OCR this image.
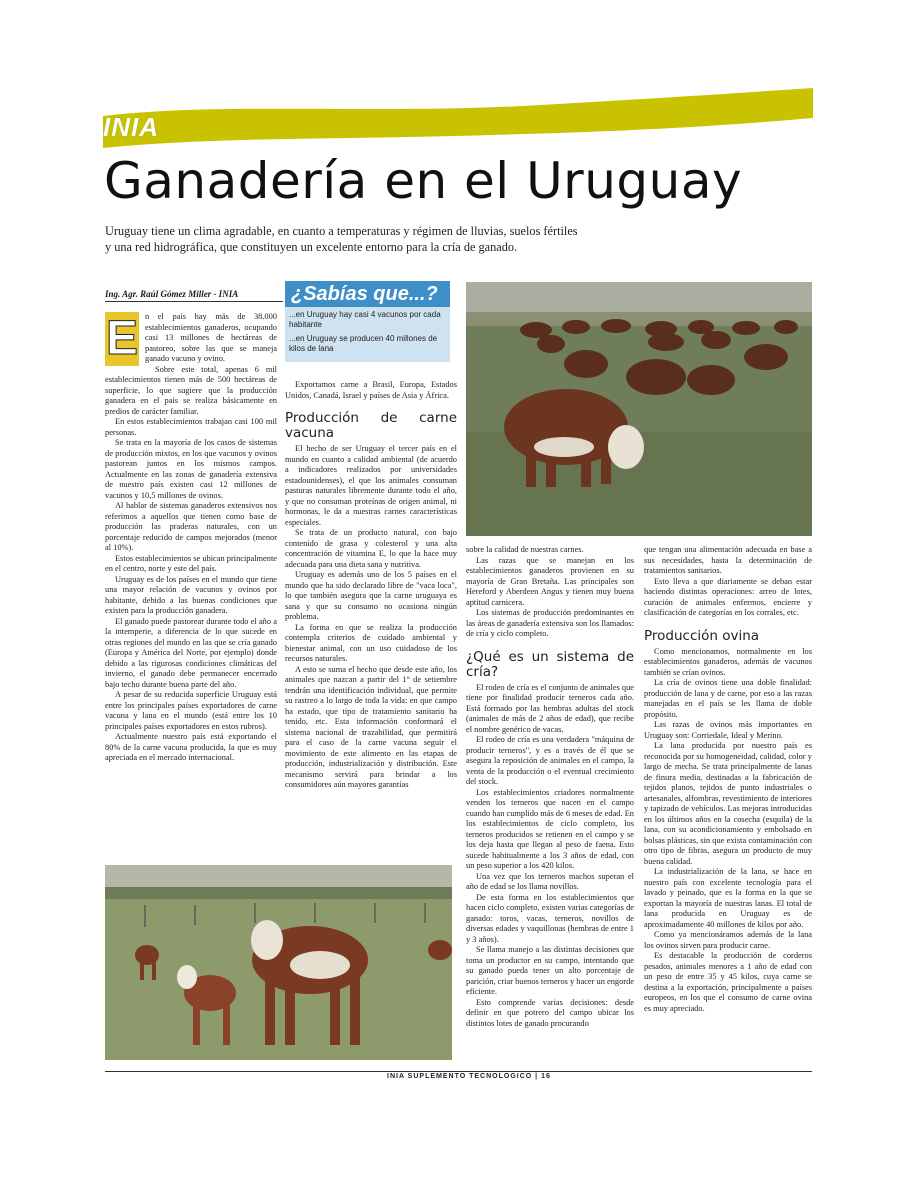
INIA
Ganadería en el Uruguay
Uruguay tiene un clima agradable, en cuanto a temperaturas y régimen de lluvias, suelos fértiles
y una red hidrográfica, que constituyen un excelente entorno para la cría de ganado.
Ing. Agr. Raúl Gómez Miller - INIA
E n el país hay más de 38.000 establecimientos ganaderos, ocupando casi 13 millones de hectáreas de pastoreo, sobre las que se maneja ganado vacuno y ovino.

Sobre este total, apenas 6 mil establecimientos tienen más de 500 hectáreas de superficie, lo que sugiere que la producción ganadera en el país se realiza básicamente en predios de carácter familiar.

En estos establecimientos trabajan casi 100 mil personas.

Se trata en la mayoría de los casos de sistemas de producción mixtos, en los que vacunos y ovinos pastorean juntos en los mismos campos. Actualmente en las zonas de ganadería extensiva de nuestro país existen casi 12 millones de vacunos y 10,5 millones de ovinos.

Al hablar de sistemas ganaderos extensivos nos referimos a aquellos que tienen como base de producción las praderas naturales, con un porcentaje reducido de campos mejorados (menor al 10%).

Estos establecimientos se ubican principalmente en el centro, norte y este del país.

Uruguay es de los países en el mundo que tiene una mayor relación de vacunos y ovinos por habitante, debido a las buenas condiciones que existen para la producción ganadera.

El ganado puede pastorear durante todo el año a la intemperie, a diferencia de lo que sucede en otras regiones del mundo en las que se cría ganado (Europa y América del Norte, por ejemplo) donde debido a las rigurosas condiciones climáticas del invierno, el ganado debe permanecer encerrado bajo techo durante buena parte del año.

A pesar de su reducida superficie Uruguay está entre los principales países exportadores de carne vacuna y lana en el mundo (está entre los 10 principales países exportadores en estos rubros).

Actualmente nuestro país está exportando el 80% de la carne vacuna producida, la que es muy apreciada en el mercado internacional.

¿Sabías que...?

...en Uruguay hay casi 4 vacunos por cada habitante

...en Uruguay se producen 40 millones de kilos de lana

Exportamos carne a Brasil, Europa, Estados Unidos, Canadá, Israel y países de Asia y África.

Producción de carne vacuna

El hecho de ser Uruguay el tercer país en el mundo en cuanto a calidad ambiental (de acuerdo a indicadores realizados por universidades estadounidenses), el que los animales consuman pasturas naturales libremente durante todo el año, y que no consuman proteínas de origen animal, ni hormonas, le da a nuestras carnes características especiales.

Se trata de un producto natural, con bajo contenido de grasa y colesterol y una alta concentración de vitamina E, lo que la hace muy adecuada para una dieta sana y nutritiva.

Uruguay es además uno de los 5 países en el mundo que ha sido declarado libre de "vaca loca", lo que también asegura que la carne uruguaya es sana y que su consumo no ocasiona ningún problema.

La forma en que se realiza la producción contempla criterios de cuidado ambiental y bienestar animal, con un uso cuidadoso de los recursos naturales.

A esto se suma el hecho que desde este año, los animales que nazcan a partir del 1° de setiembre tendrán una identificación individual, que permite su rastreo a lo largo de toda la vida: en que campo ha estado, que tipo de tratamiento sanitario ha tenido, etc. Esta información conformará el sistema nacional de trazabilidad, que permitirá para el caso de la carne vacuna seguir el movimiento de este alimento en las etapas de producción, industrialización y distribución. Este mecanismo servirá para brindar a los consumidores aún mayores garantías

sobre la calidad de nuestras carnes.

Las razas que se manejan en los establecimientos ganaderos provienen en su mayoría de Gran Bretaña. Las principales son Hereford y Aberdeen Angus y tienen muy buena aptitud carnicera.

Los sistemas de producción predominantes en las áreas de ganadería extensiva son los llamados: de cría y ciclo completo.

¿Qué es un sistema de cría?

El rodeo de cría es el conjunto de animales que tiene por finalidad producir terneros cada año. Está formado por las hembras adultas del stock (animales de más de 2 años de edad), que recibe el nombre genérico de vacas.

El rodeo de cría es una verdadera "máquina de producir terneros", y es a través de él que se asegura la reposición de animales en el campo, la venta de la producción o el eventual crecimiento del stock.

Los establecimientos criadores normalmente venden los terneros que nacen en el campo cuando han cumplido más de 6 meses de edad. En los establecimientos de ciclo completo, los terneros producidos se retienen en el campo y se los deja hasta que llegan al peso de faena. Esto sucede habitualmente a los 3 años de edad, con un peso superior a los 420 kilos.

Una vez que los terneros machos superan el año de edad se los llama novillos.

De esta forma en los establecimientos que hacen ciclo completo, existen varias categorías de ganado: toros, vacas, terneros, novillos de diversas edades y vaquillonas (hembras de entre 1 y 3 años).

Se llama manejo a las distintas decisiones que toma un productor en su campo, intentando que su ganado pueda tener un alto porcentaje de parición, criar buenos terneros y hacer un engorde eficiente.

Esto comprende varias decisiones: desde definir en que potrero del campo ubicar los distintos lotes de ganado procurando

que tengan una alimentación adecuada en base a sus necesidades, hasta la determinación de tratamientos sanitarios.

Esto lleva a que diariamente se deban estar haciendo distintas operaciones: arreo de lotes, curación de animales enfermos, encierre y clasificación de categorías en los corrales, etc.

Producción ovina

Como mencionamos, normalmente en los establecimientos ganaderos, además de vacunos también se crían ovinos.

La cría de ovinos tiene una doble finalidad: producción de lana y de carne, por eso a las razas manejadas en el país se les llama de doble propósito.

Las razas de ovinos más importantes en Uruguay son: Corriedale, Ideal y Merino.

La lana producida por nuestro país es reconocida por su homogeneidad, calidad, color y largo de mecha. Se trata principalmente de lanas de finura media, destinadas a la fabricación de tejidos planos, tejidos de punto industriales o artesanales, alfombras, revestimiento de interiores y tapizado de vehículos. Las mejoras introducidas en los últimos años en la cosecha (esquila) de la lana, con su acondicionamiento y embolsado en bolsas plásticas, sin que exista contaminación con otro tipo de fibras, asegura un producto de muy buena calidad.

La industrialización de la lana, se hace en nuestro país con excelente tecnología para el lavado y peinado, que es la forma en la que se exportan la mayoría de nuestras lanas. El total de lana producida en Uruguay es de aproximadamente 40 millones de kilos por año.

Como ya mencionáramos además de la lana los ovinos sirven para producir carne.

Es destacable la producción de corderos pesados, animales menores a 1 año de edad con un peso de entre 35 y 45 kilos, cuya carne se destina a la exportación, principalmente a países europeos, en los que el consumo de carne ovina es muy apreciado.

INIA SUPLEMENTO TECNOLOGICO | 16
